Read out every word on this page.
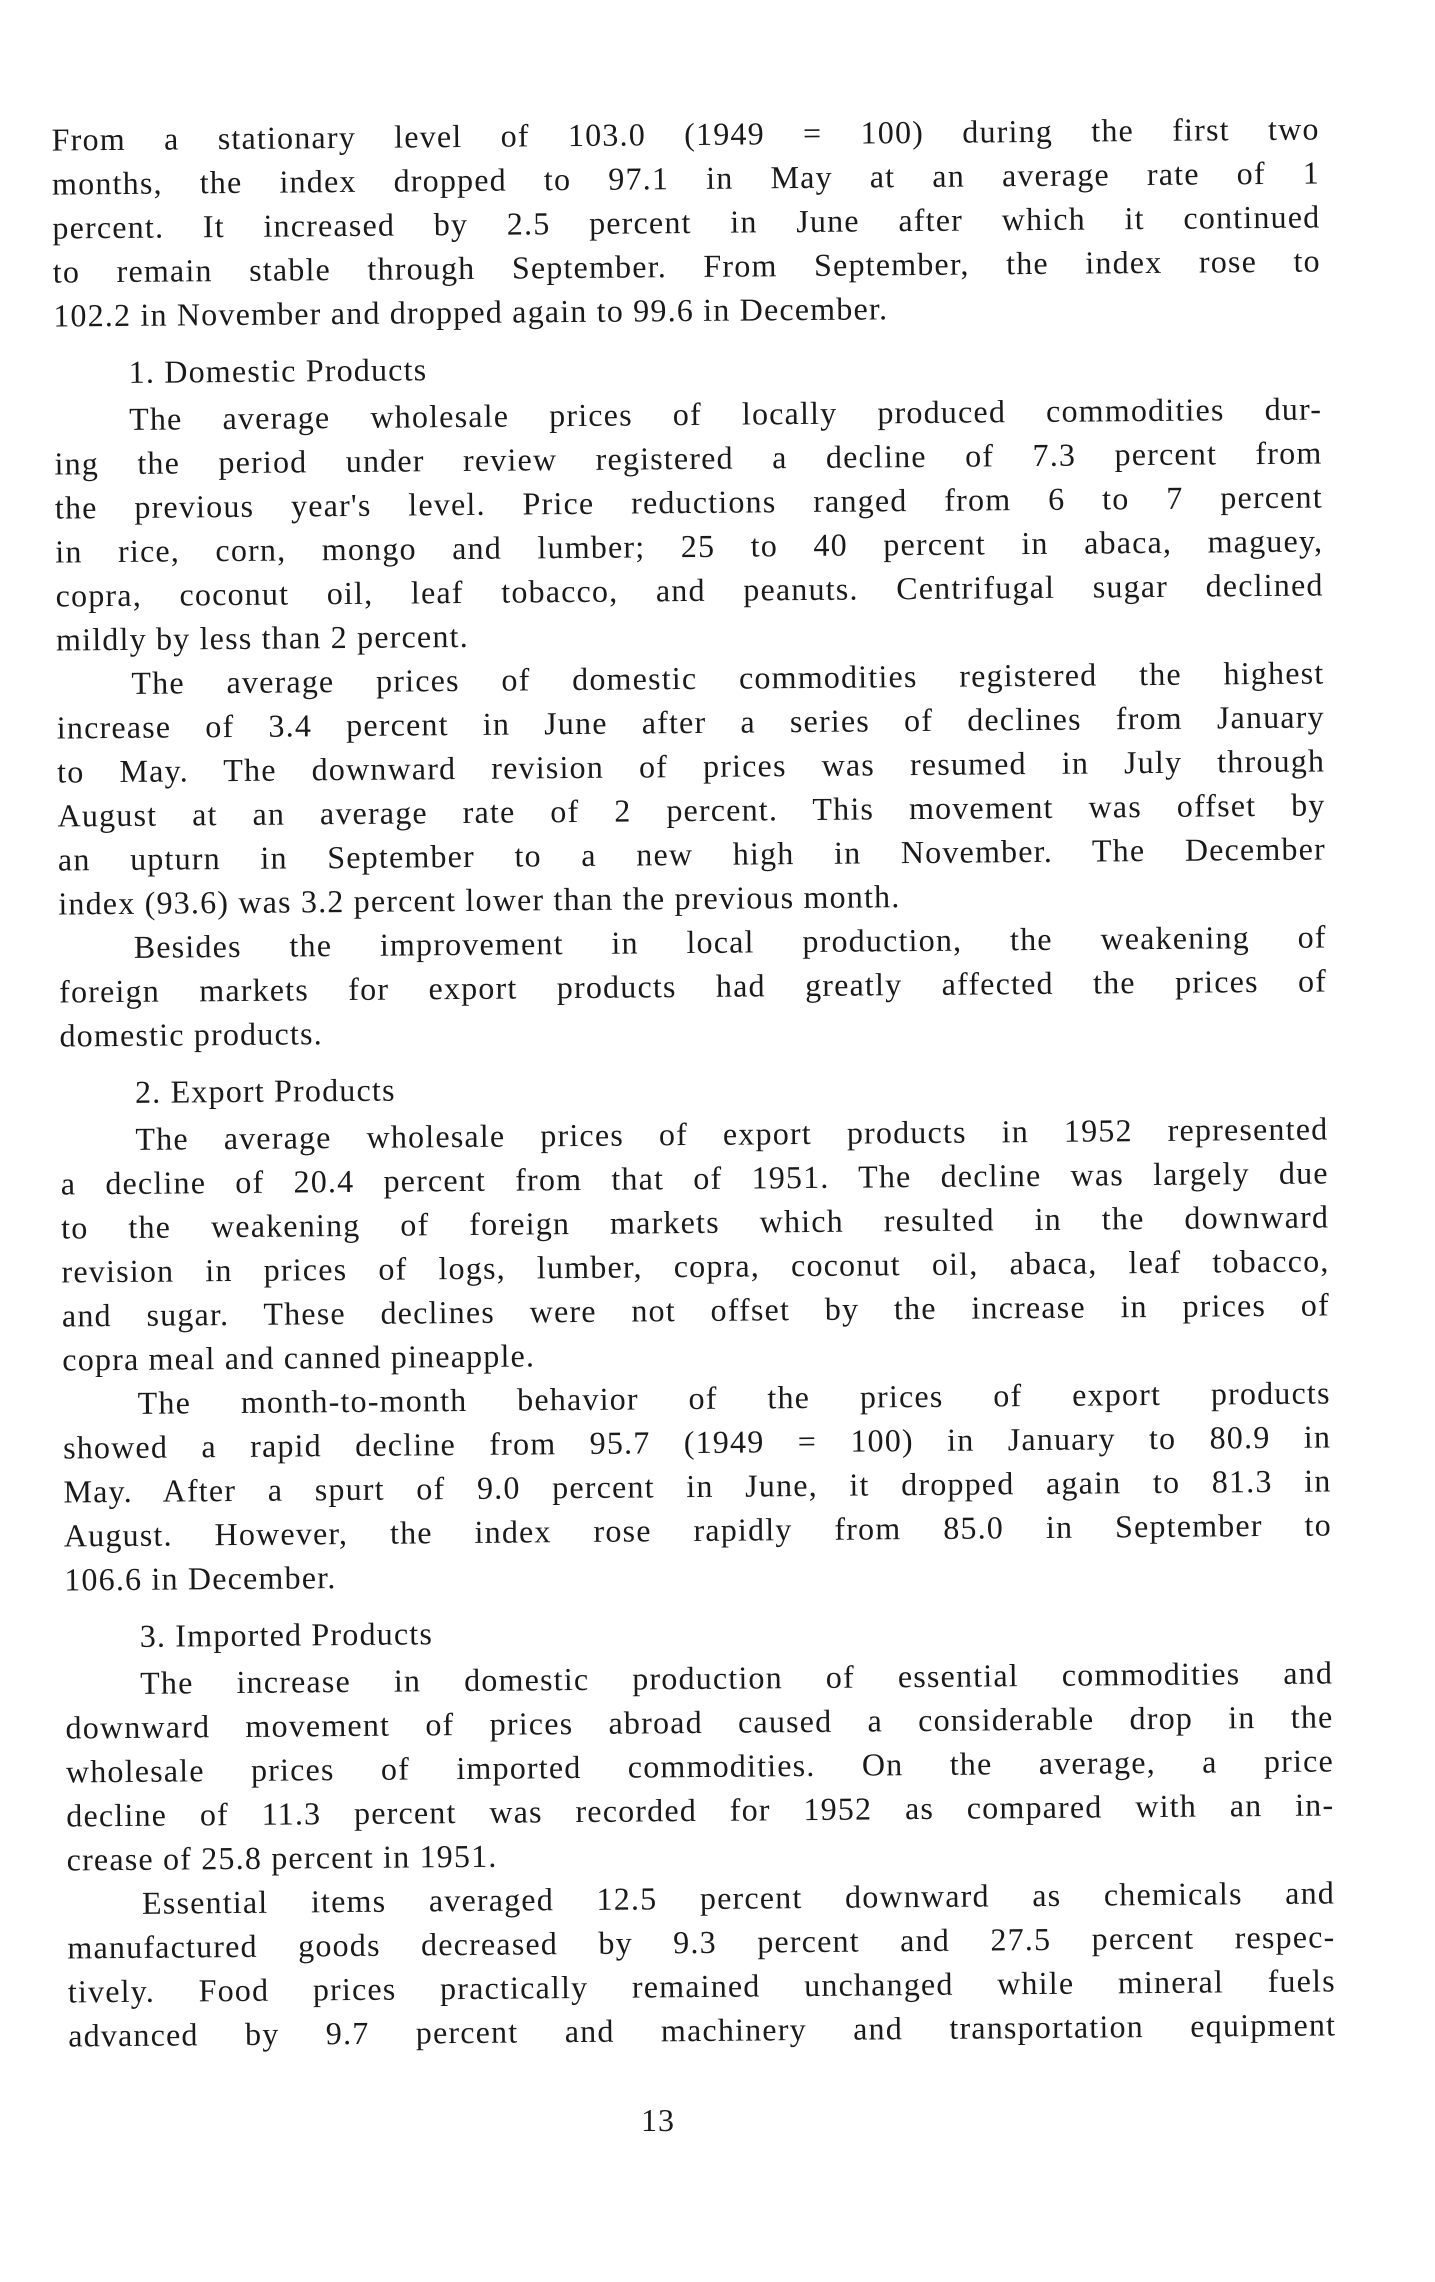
From a stationary level of 103.0 (1949 = 100) during the first two
months, the index dropped to 97.1 in May at an average rate of 1
percent. It increased by 2.5 percent in June after which it continued
to remain stable through September. From September, the index rose to
102.2 in November and dropped again to 99.6 in December.
1. Domestic Products
The average wholesale prices of locally produced commodities dur-
ing the period under review registered a decline of 7.3 percent from
the previous year's level. Price reductions ranged from 6 to 7 percent
in rice, corn, mongo and lumber; 25 to 40 percent in abaca, maguey,
copra, coconut oil, leaf tobacco, and peanuts. Centrifugal sugar declined
mildly by less than 2 percent.
The average prices of domestic commodities registered the highest
increase of 3.4 percent in June after a series of declines from January
to May. The downward revision of prices was resumed in July through
August at an average rate of 2 percent. This movement was offset by
an upturn in September to a new high in November. The December
index (93.6) was 3.2 percent lower than the previous month.
Besides the improvement in local production, the weakening of
foreign markets for export products had greatly affected the prices of
domestic products.
2. Export Products
The average wholesale prices of export products in 1952 represented
a decline of 20.4 percent from that of 1951. The decline was largely due
to the weakening of foreign markets which resulted in the downward
revision in prices of logs, lumber, copra, coconut oil, abaca, leaf tobacco,
and sugar. These declines were not offset by the increase in prices of
copra meal and canned pineapple.
The month-to-month behavior of the prices of export products
showed a rapid decline from 95.7 (1949 = 100) in January to 80.9 in
May. After a spurt of 9.0 percent in June, it dropped again to 81.3 in
August. However, the index rose rapidly from 85.0 in September to
106.6 in December.
3. Imported Products
The increase in domestic production of essential commodities and
downward movement of prices abroad caused a considerable drop in the
wholesale prices of imported commodities. On the average, a price
decline of 11.3 percent was recorded for 1952 as compared with an in-
crease of 25.8 percent in 1951.
Essential items averaged 12.5 percent downward as chemicals and
manufactured goods decreased by 9.3 percent and 27.5 percent respec-
tively. Food prices practically remained unchanged while mineral fuels
advanced by 9.7 percent and machinery and transportation equipment
13
